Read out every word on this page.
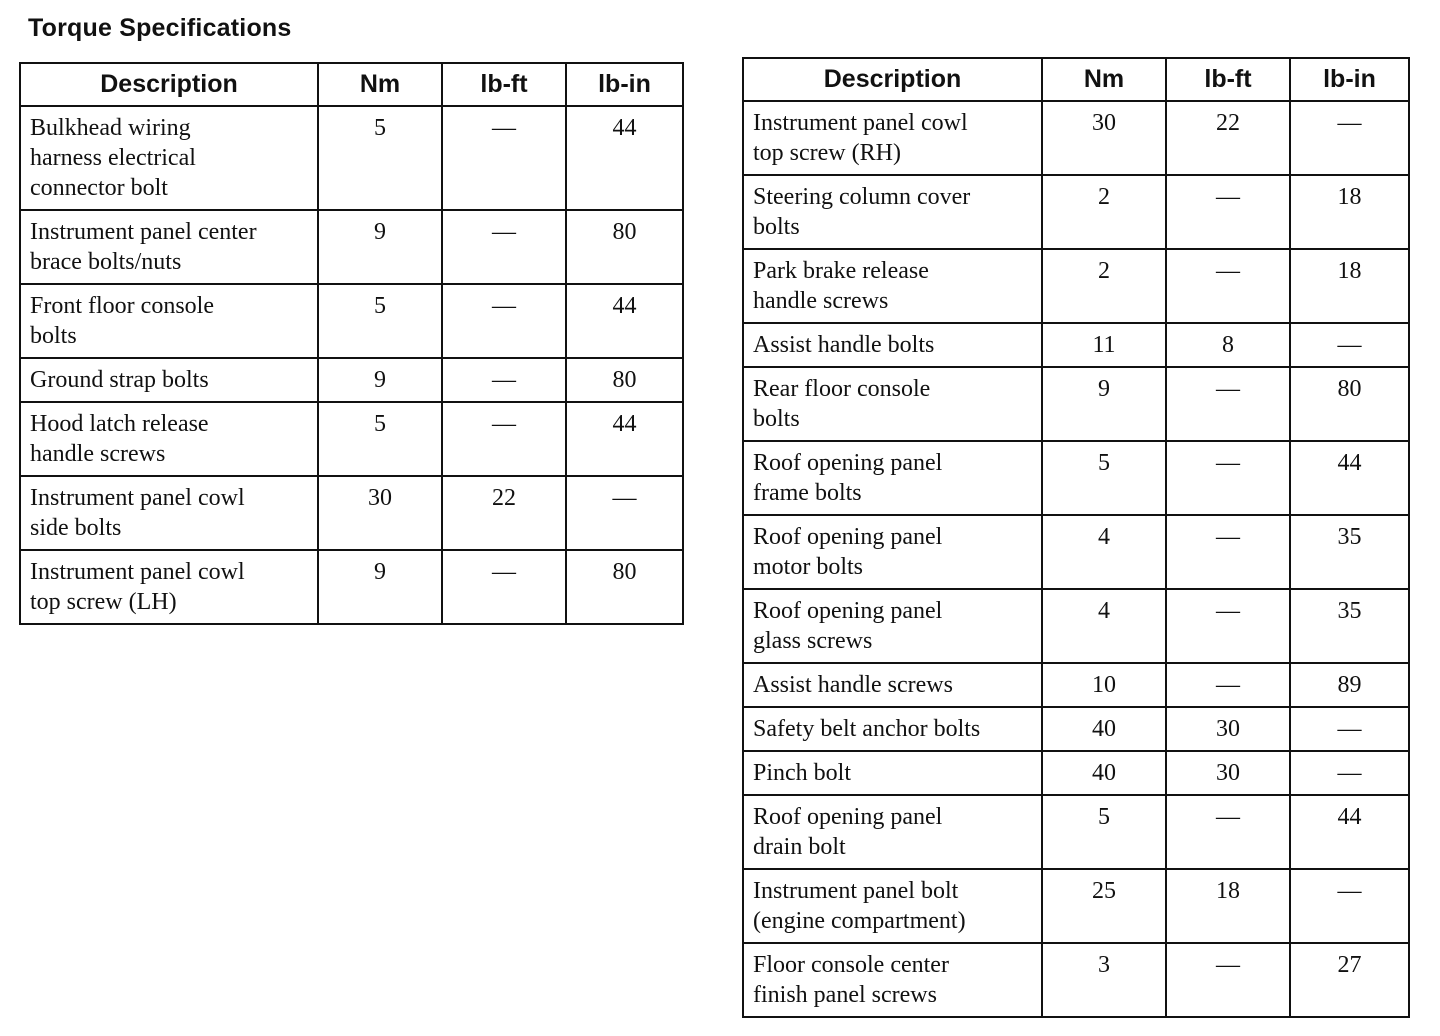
Torque Specifications
Description	Nm	lb-ft	lb-in

Bulkhead wiring
harness electrical
connector bolt	5	—	44

Instrument panel center
brace bolts/nuts	9	—	80

Front floor console
bolts	5	—	44

Ground strap bolts	9	—	80

Hood latch release
handle screws	5	—	44

Instrument panel cowl
side bolts	30	22	—

Instrument panel cowl
top screw (LH)	9	—	80
Description	Nm	lb-ft	lb-in

Instrument panel cowl
top screw (RH)	30	22	—

Steering column cover
bolts	2	—	18

Park brake release
handle screws	2	—	18

Assist handle bolts	11	8	—

Rear floor console
bolts	9	—	80

Roof opening panel
frame bolts	5	—	44

Roof opening panel
motor bolts	4	—	35

Roof opening panel
glass screws	4	—	35

Assist handle screws	10	—	89

Safety belt anchor bolts	40	30	—

Pinch bolt	40	30	—

Roof opening panel
drain bolt	5	—	44

Instrument panel bolt
(engine compartment)	25	18	—

Floor console center
finish panel screws	3	—	27
